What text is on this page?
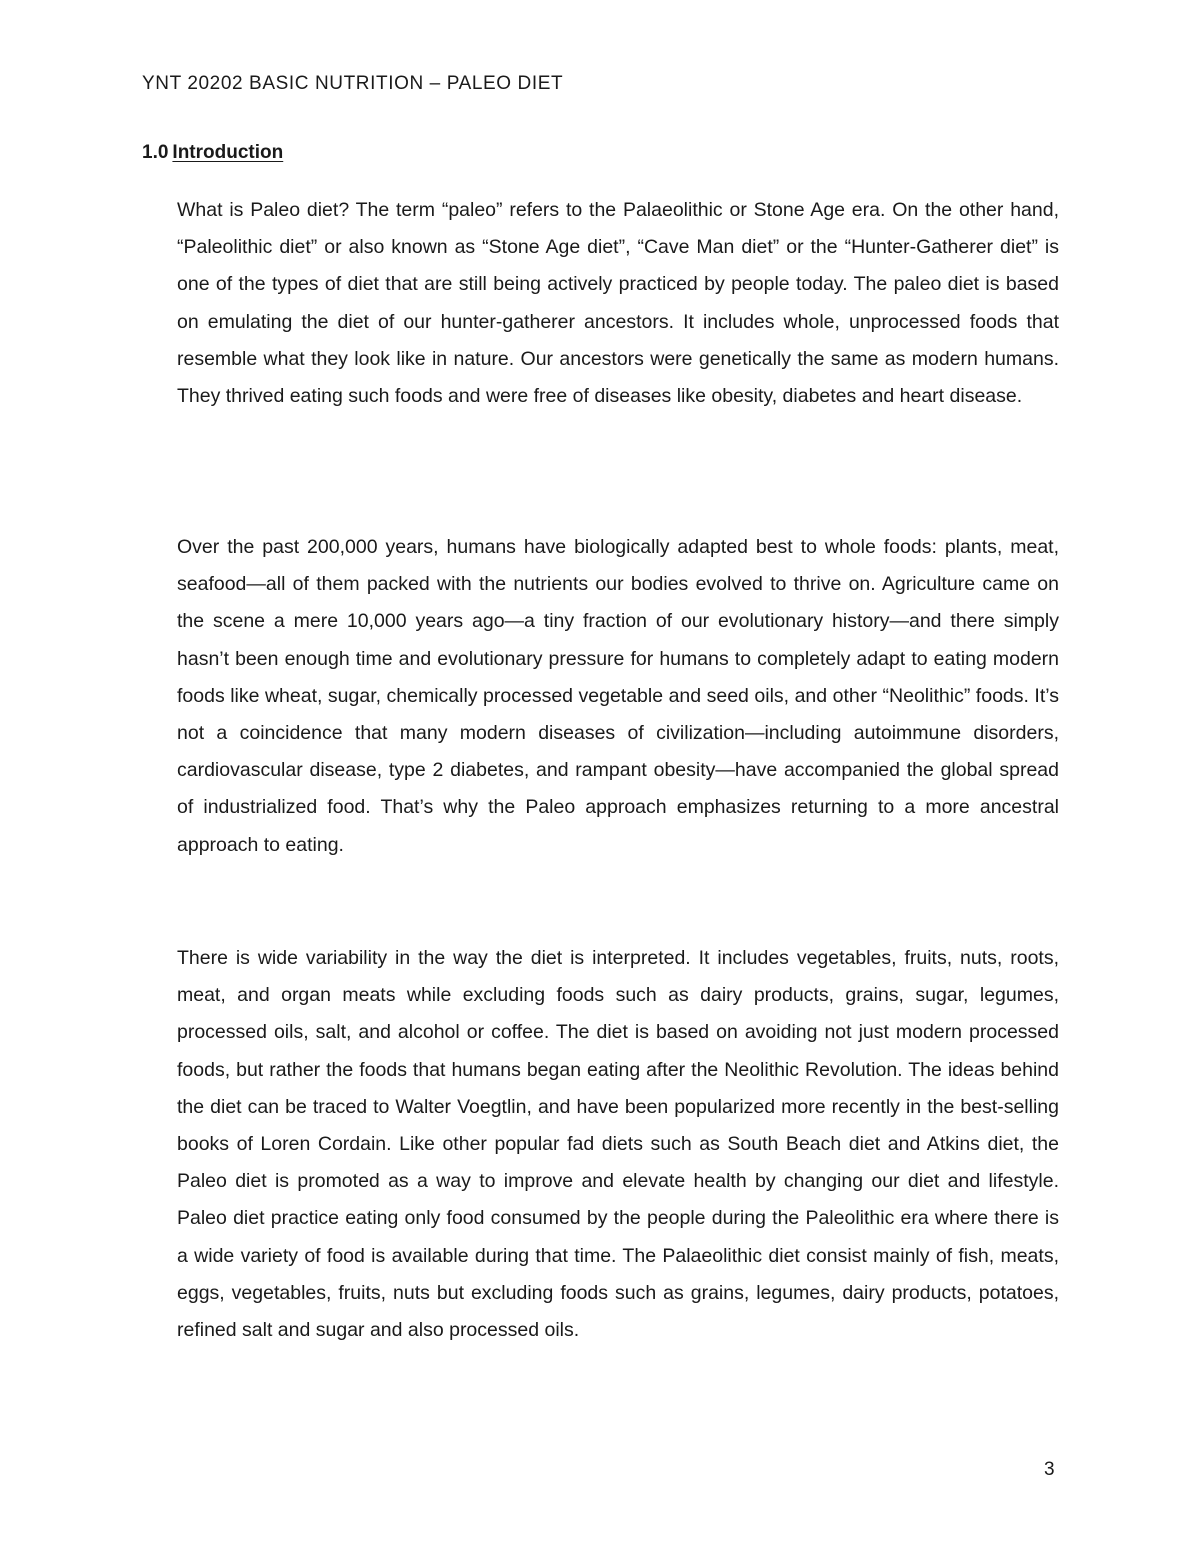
YNT 20202 BASIC NUTRITION – PALEO DIET
1.0 Introduction

What is Paleo diet? The term “paleo” refers to the Palaeolithic or Stone Age era. On the other hand, “Paleolithic diet” or also known as “Stone Age diet”, “Cave Man diet” or the “Hunter-Gatherer diet” is one of the types of diet that are still being actively practiced by people today. The paleo diet is based on emulating the diet of our hunter-gatherer ancestors. It includes whole, unprocessed foods that resemble what they look like in nature. Our ancestors were genetically the same as modern humans. They thrived eating such foods and were free of diseases like obesity, diabetes and heart disease.

Over the past 200,000 years, humans have biologically adapted best to whole foods: plants, meat, seafood—all of them packed with the nutrients our bodies evolved to thrive on. Agriculture came on the scene a mere 10,000 years ago—a tiny fraction of our evolutionary history—and there simply hasn’t been enough time and evolutionary pressure for humans to completely adapt to eating modern foods like wheat, sugar, chemically processed vegetable and seed oils, and other “Neolithic” foods. It’s not a coincidence that many modern diseases of civilization—including autoimmune disorders, cardiovascular disease, type 2 diabetes, and rampant obesity—have accompanied the global spread of industrialized food. That’s why the Paleo approach emphasizes returning to a more ancestral approach to eating.

There is wide variability in the way the diet is interpreted. It includes vegetables, fruits, nuts, roots, meat, and organ meats while excluding foods such as dairy products, grains, sugar, legumes, processed oils, salt, and alcohol or coffee. The diet is based on avoiding not just modern processed foods, but rather the foods that humans began eating after the Neolithic Revolution. The ideas behind the diet can be traced to Walter Voegtlin, and have been popularized more recently in the best-selling books of Loren Cordain. Like other popular fad diets such as South Beach diet and Atkins diet, the Paleo diet is promoted as a way to improve and elevate health by changing our diet and lifestyle. Paleo diet practice eating only food consumed by the people during the Paleolithic era where there is a wide variety of food is available during that time. The Palaeolithic diet consist mainly of fish, meats, eggs, vegetables, fruits, nuts but excluding foods such as grains, legumes, dairy products, potatoes, refined salt and sugar and also processed oils.

3
